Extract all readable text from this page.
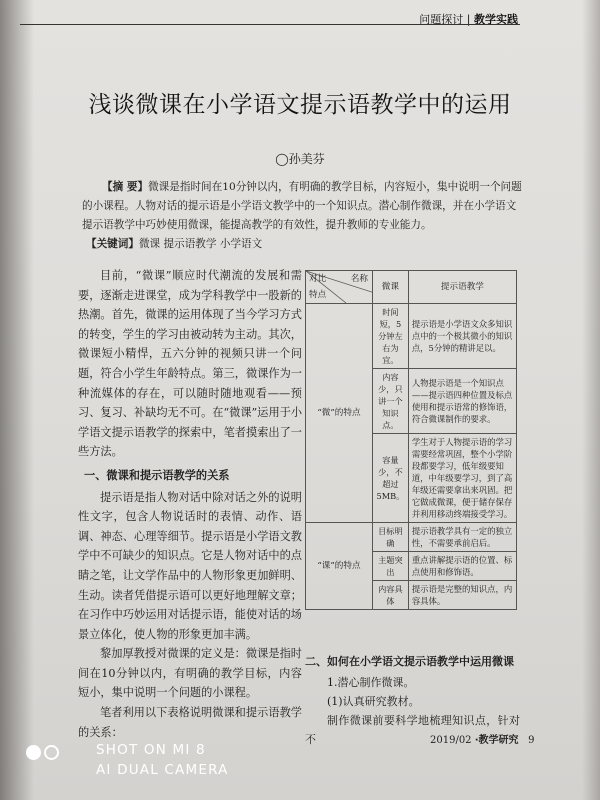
问题探讨 | 教学实践
浅谈微课在小学语文提示语教学中的运用
◯孙美芬
【摘 要】微课是指时间在10分钟以内，有明确的教学目标，内容短小，集中说明一个问题的小课程。人物对话的提示语是小学语文教学中的一个知识点。潜心制作微课，并在小学语文提示语教学中巧妙使用微课，能提高教学的有效性，提升教师的专业能力。
【关键词】微课 提示语教学 小学语文

目前，“微课”顺应时代潮流的发展和需要，逐渐走进课堂，成为学科教学中一股新的热潮。首先，微课的运用体现了当今学习方式的转变，学生的学习由被动转为主动。其次，微课短小精悍，五六分钟的视频只讲一个问题，符合小学生年龄特点。第三，微课作为一种流媒体的存在，可以随时随地观看——预习、复习、补缺均无不可。在“微课”运用于小学语文提示语教学的探索中，笔者摸索出了一些方法。

一、微课和提示语教学的关系

提示语是指人物对话中除对话之外的说明性文字，包含人物说话时的表情、动作、语调、神态、心理等细节。提示语是小学语文教学中不可缺少的知识点。它是人物对话中的点睛之笔，让文学作品中的人物形象更加鲜明、生动。读者凭借提示语可以更好地理解文章；在习作中巧妙运用对话提示语，能使对话的场景立体化，使人物的形象更加丰满。

黎加厚教授对微课的定义是：微课是指时间在10分钟以内，有明确的教学目标，内容短小，集中说明一个问题的小课程。

笔者利用以下表格说明微课和提示语教学的关系：

对比 名称
特点	微课	提示语教学
“微”的特点	时间短，5分钟左右为宜。	提示语是小学语文众多知识点中的一个极其微小的知识点，5分钟的精讲足以。
	内容少，只讲一个知识点。	人物提示语是一个知识点——提示语四种位置及标点使用和提示语常的修饰语，符合微课制作的要求。
	容量少，不超过5MB。	学生对于人物提示语的学习需要经常巩固，整个小学阶段都要学习，低年级要知道，中年级要学习，到了高年级还需要拿出来巩固。把它做成微课，便于储存保存并利用移动终端接受学习。
“课”的特点	目标明确	提示语教学具有一定的独立性，不需要承前启后。
	主题突出	重点讲解提示语的位置、标点使用和修饰语。
	内容具体	提示语是完整的知识点，内容具体。

二、如何在小学语文提示语教学中运用微课

1.潜心制作微课。

(1)认真研究教材。

制作微课前要科学地梳理知识点，针对不	2019/02 ·教学研究 9
SHOT ON MI 8
AI DUAL CAMERA
